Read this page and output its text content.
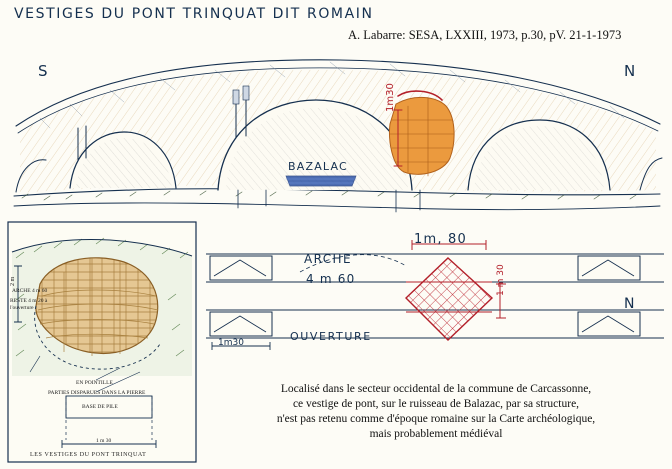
VESTIGES DU PONT TRINQUAT DIT ROMAIN
A. Labarre: SESA, LXXIII, 1973, p.30, pV. 21-1-1973
S	N
BAZALAC
1m30
ARCHE
4 m 60
1m, 80
OUVERTURE
1m30
N
1 m 30
2 m
ARCHE 4 m 60
RESTE 4 m 20 à l'ouverture
EN POINTILLE
PARTIES DISPARUES DANS LA PIERRE
BASE DE PILE
1 m 30
LES VESTIGES DU PONT TRINQUAT
Localisé dans le secteur occidental de la commune de Carcassonne,
ce vestige de pont, sur le ruisseau de Balazac, par sa structure,
n'est pas retenu comme d'époque romaine sur la Carte archéologique,
mais probablement médiéval
